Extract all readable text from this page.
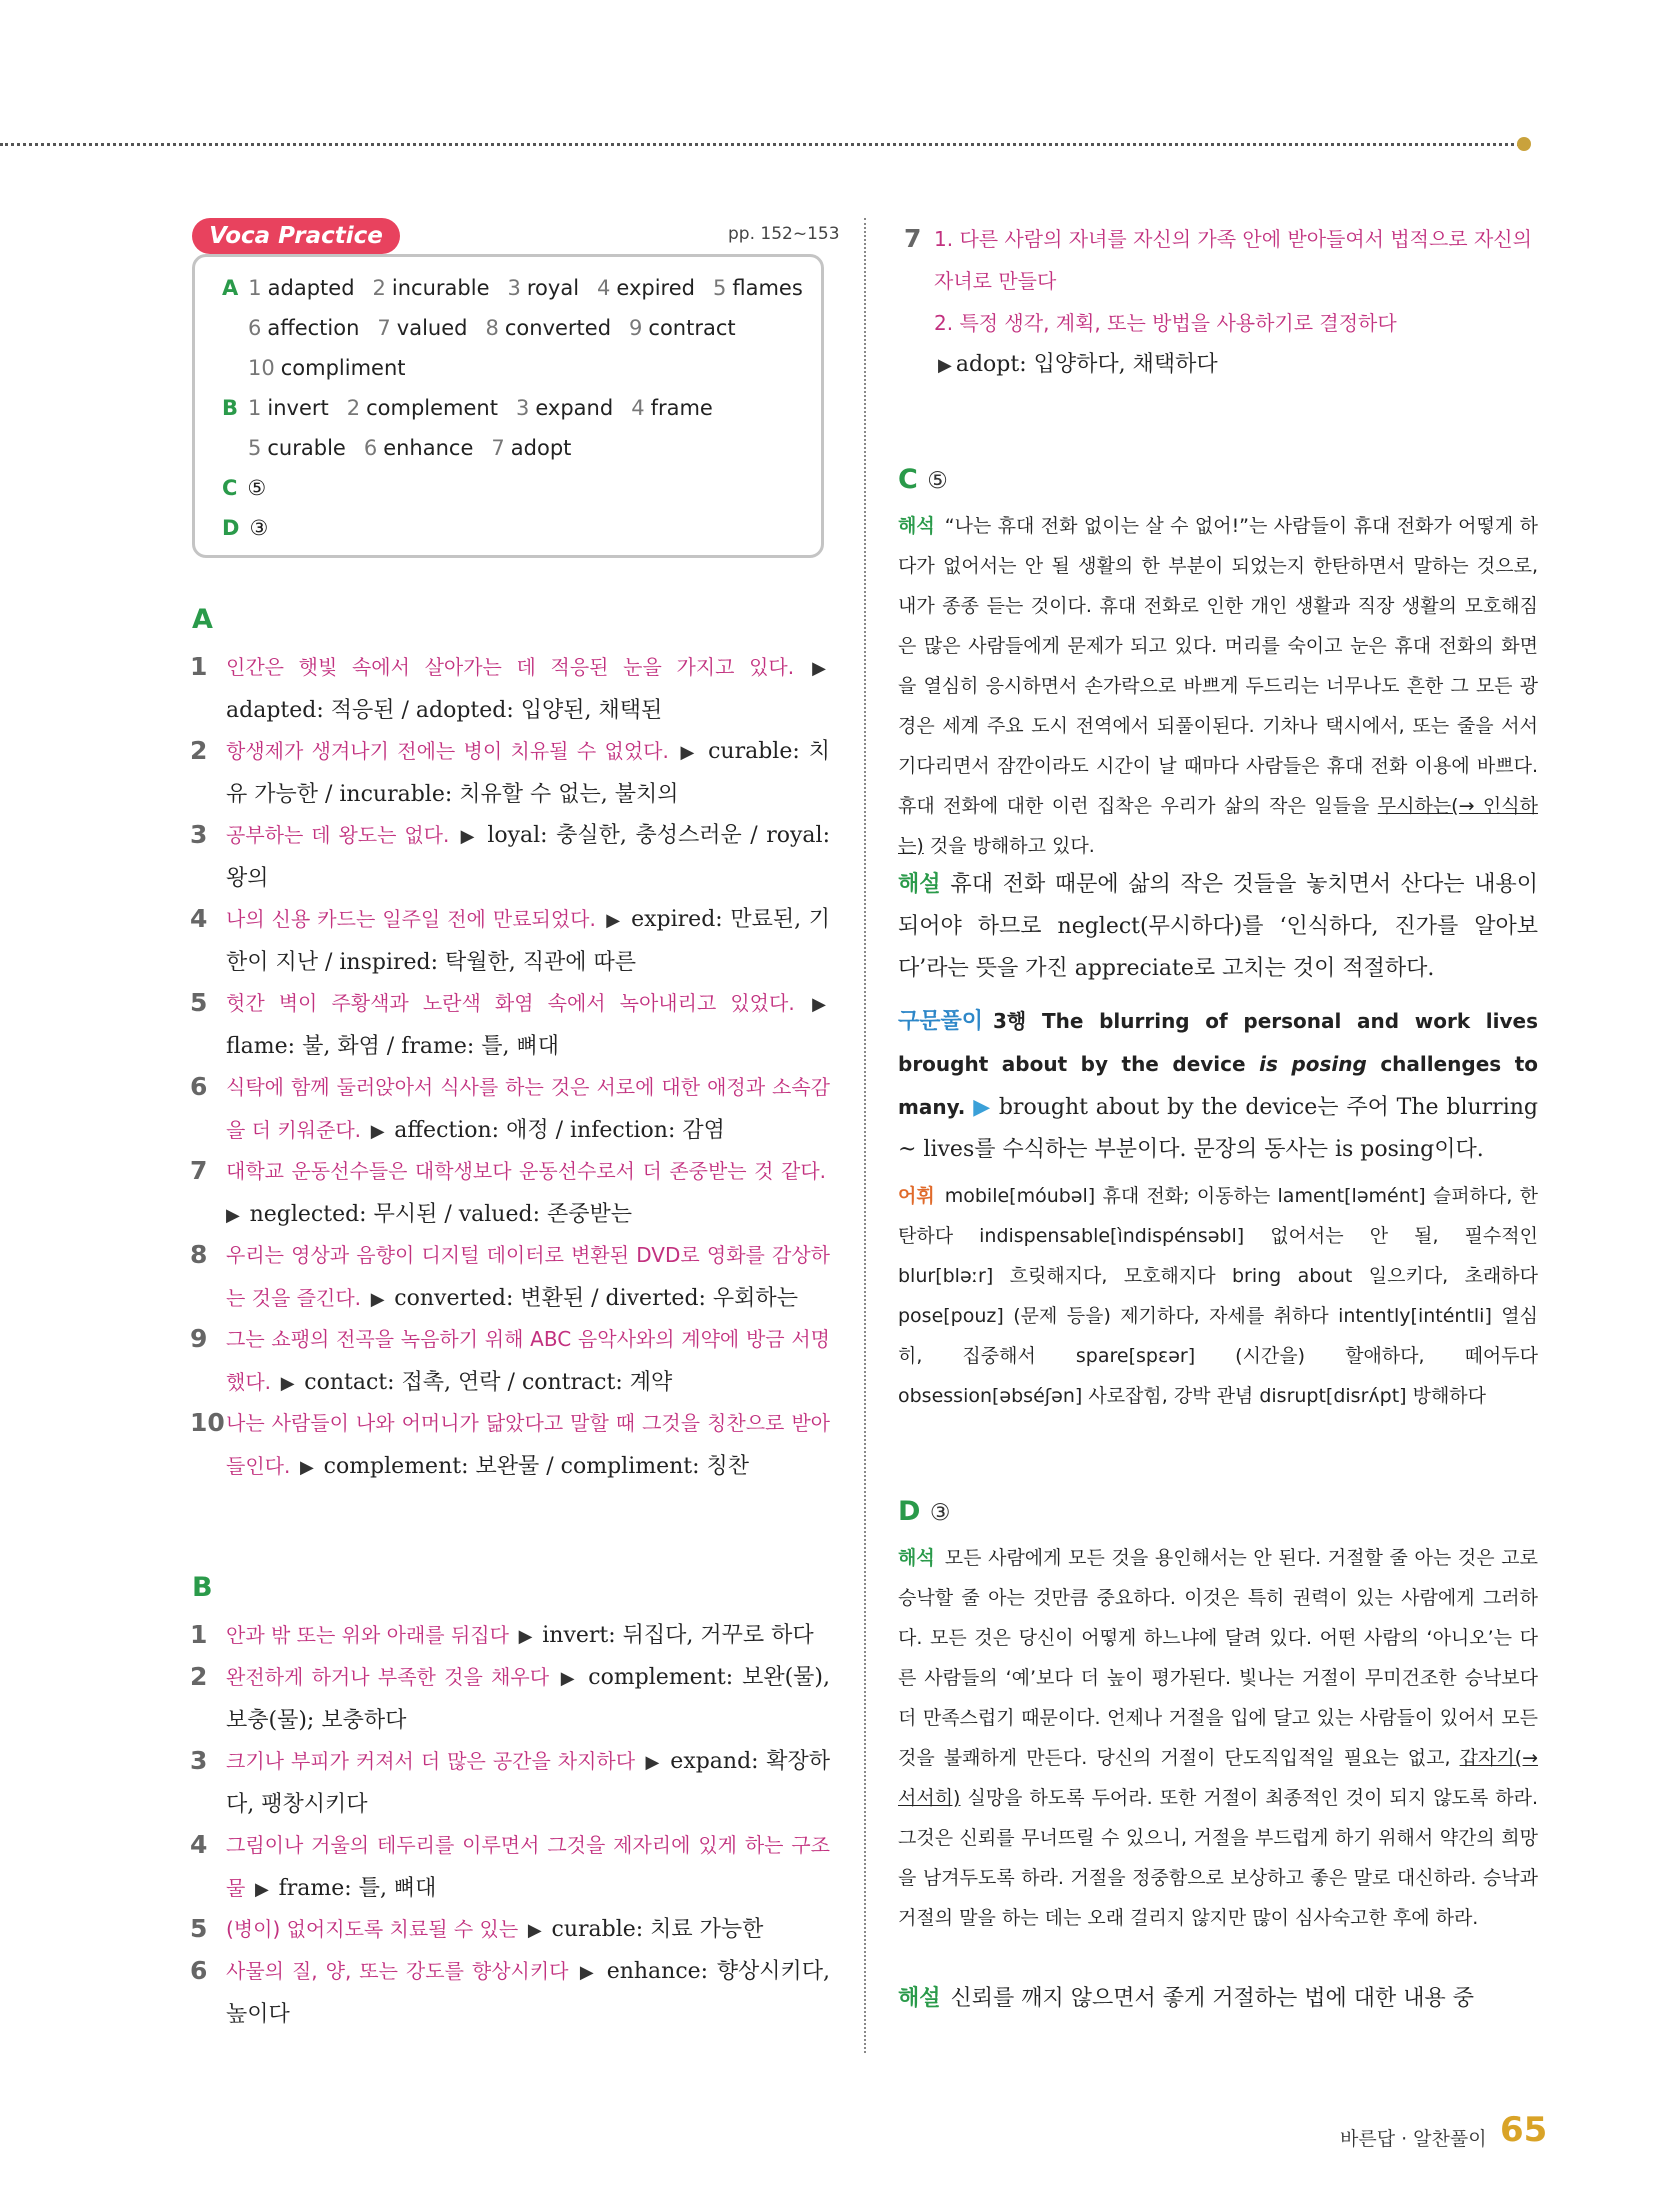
Voca Practice	pp. 152~153
A 1 adapted 2 incurable 3 royal 4 expired 5 flames
6 affection 7 valued 8 converted 9 contract
10 compliment
B 1 invert 2 complement 3 expand 4 frame
5 curable 6 enhance 7 adopt
C ⑤
D ③
A
1 인간은 햇빛 속에서 살아가는 데 적응된 눈을 가지고 있다. ▶ adapted: 적응된 / adopted: 입양된, 채택된
2 항생제가 생겨나기 전에는 병이 치유될 수 없었다. ▶ curable: 치유 가능한 / incurable: 치유할 수 없는, 불치의
3 공부하는 데 왕도는 없다. ▶ loyal: 충실한, 충성스러운 / royal: 왕의
4 나의 신용 카드는 일주일 전에 만료되었다. ▶ expired: 만료된, 기한이 지난 / inspired: 탁월한, 직관에 따른
5 헛간 벽이 주황색과 노란색 화염 속에서 녹아내리고 있었다. ▶ flame: 불, 화염 / frame: 틀, 뼈대
6 식탁에 함께 둘러앉아서 식사를 하는 것은 서로에 대한 애정과 소속감을 더 키워준다. ▶ affection: 애정 / infection: 감염
7 대학교 운동선수들은 대학생보다 운동선수로서 더 존중받는 것 같다. ▶ neglected: 무시된 / valued: 존중받는
8 우리는 영상과 음향이 디지털 데이터로 변환된 DVD로 영화를 감상하는 것을 즐긴다. ▶ converted: 변환된 / diverted: 우회하는
9 그는 쇼팽의 전곡을 녹음하기 위해 ABC 음악사와의 계약에 방금 서명했다. ▶ contact: 접촉, 연락 / contract: 계약
10 나는 사람들이 나와 어머니가 닮았다고 말할 때 그것을 칭찬으로 받아들인다. ▶ complement: 보완물 / compliment: 칭찬
B
1 안과 밖 또는 위와 아래를 뒤집다 ▶ invert: 뒤집다, 거꾸로 하다
2 완전하게 하거나 부족한 것을 채우다 ▶ complement: 보완(물), 보충(물); 보충하다
3 크기나 부피가 커져서 더 많은 공간을 차지하다 ▶ expand: 확장하다, 팽창시키다
4 그림이나 거울의 테두리를 이루면서 그것을 제자리에 있게 하는 구조물 ▶ frame: 틀, 뼈대
5 (병이) 없어지도록 치료될 수 있는 ▶ curable: 치료 가능한
6 사물의 질, 양, 또는 강도를 향상시키다 ▶ enhance: 향상시키다, 높이다
7 1. 다른 사람의 자녀를 자신의 가족 안에 받아들여서 법적으로 자신의 자녀로 만들다
2. 특정 생각, 계획, 또는 방법을 사용하기로 결정하다
▶ adopt: 입양하다, 채택하다
C ⑤
해석 “나는 휴대 전화 없이는 살 수 없어!”는 사람들이 휴대 전화가 어떻게 하다가 없어서는 안 될 생활의 한 부분이 되었는지 한탄하면서 말하는 것으로, 내가 종종 듣는 것이다. 휴대 전화로 인한 개인 생활과 직장 생활의 모호해짐은 많은 사람들에게 문제가 되고 있다. 머리를 숙이고 눈은 휴대 전화의 화면을 열심히 응시하면서 손가락으로 바쁘게 두드리는 너무나도 흔한 그 모든 광경은 세계 주요 도시 전역에서 되풀이된다. 기차나 택시에서, 또는 줄을 서서 기다리면서 잠깐이라도 시간이 날 때마다 사람들은 휴대 전화 이용에 바쁘다. 휴대 전화에 대한 이런 집착은 우리가 삶의 작은 일들을 무시하는(→ 인식하는) 것을 방해하고 있다.
해설 휴대 전화 때문에 삶의 작은 것들을 놓치면서 산다는 내용이 되어야 하므로 neglect(무시하다)를 ‘인식하다, 진가를 알아보다’라는 뜻을 가진 appreciate로 고치는 것이 적절하다.
구문풀이 3행 The blurring of personal and work lives brought about by the device is posing challenges to many. ▶ brought about by the device는 주어 The blurring ~ lives를 수식하는 부분이다. 문장의 동사는 is posing이다.
어휘 mobile[móubəl] 휴대 전화; 이동하는 lament[ləmént] 슬퍼하다, 한탄하다 indispensable[ìndispénsəbl] 없어서는 안 될, 필수적인 blur[bləːr] 흐릿해지다, 모호해지다 bring about 일으키다, 초래하다 pose[pouz] (문제 등을) 제기하다, 자세를 취하다 intently[inténtli] 열심히, 집중해서 spare[spɛər] (시간을) 할애하다, 떼어두다 obsession[əbséʃən] 사로잡힘, 강박 관념 disrupt[disrʌ́pt] 방해하다
D ③
해석 모든 사람에게 모든 것을 용인해서는 안 된다. 거절할 줄 아는 것은 고로 승낙할 줄 아는 것만큼 중요하다. 이것은 특히 권력이 있는 사람에게 그러하다. 모든 것은 당신이 어떻게 하느냐에 달려 있다. 어떤 사람의 ‘아니오’는 다른 사람들의 ‘예’보다 더 높이 평가된다. 빛나는 거절이 무미건조한 승낙보다 더 만족스럽기 때문이다. 언제나 거절을 입에 달고 있는 사람들이 있어서 모든 것을 불쾌하게 만든다. 당신의 거절이 단도직입적일 필요는 없고, 갑자기(→ 서서히) 실망을 하도록 두어라. 또한 거절이 최종적인 것이 되지 않도록 하라. 그것은 신뢰를 무너뜨릴 수 있으니, 거절을 부드럽게 하기 위해서 약간의 희망을 남겨두도록 하라. 거절을 정중함으로 보상하고 좋은 말로 대신하라. 승낙과 거절의 말을 하는 데는 오래 걸리지 않지만 많이 심사숙고한 후에 하라.
해설 신뢰를 깨지 않으면서 좋게 거절하는 법에 대한 내용 중
바른답 · 알찬풀이 65
